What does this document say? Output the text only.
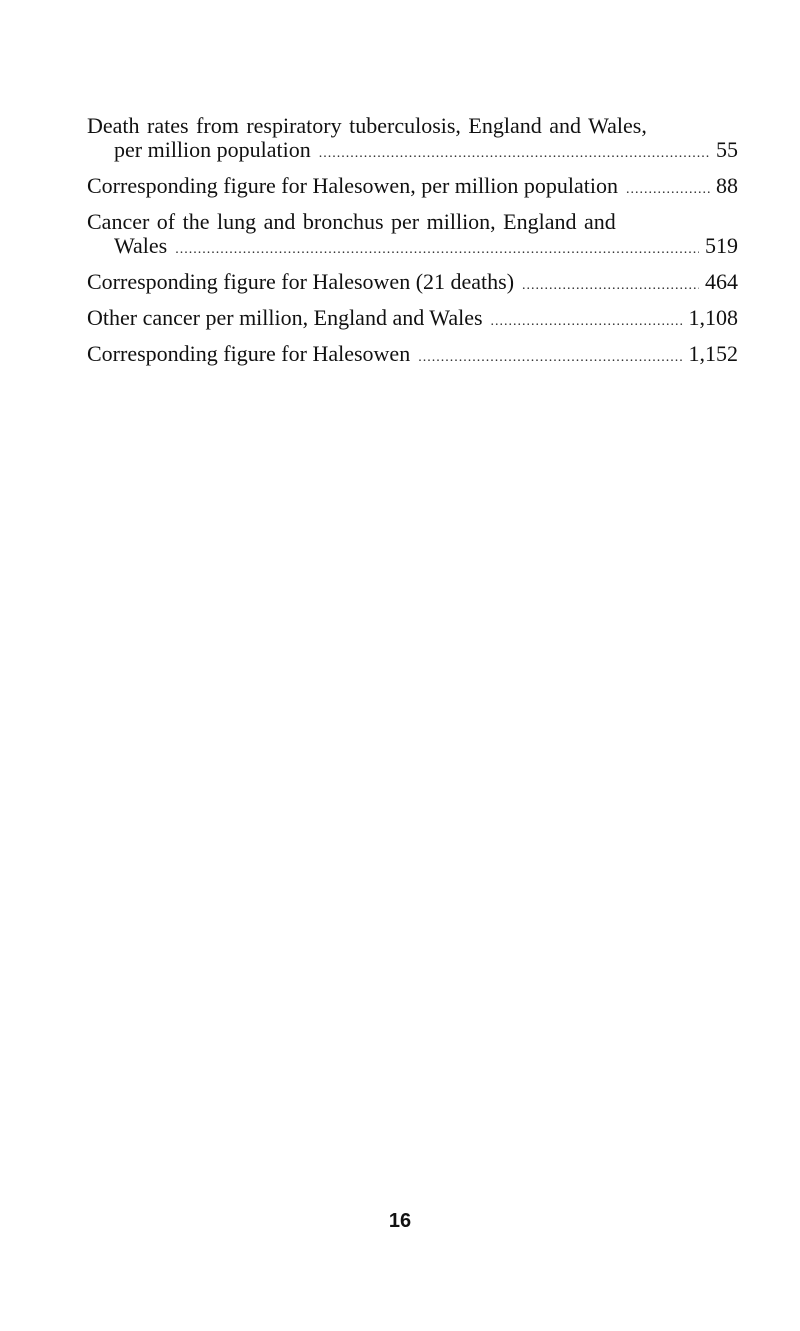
Death rates from respiratory tuberculosis, England and Wales,
per million population .....	55
Corresponding figure for Halesowen, per million population .....	88
Cancer of the lung and bronchus per million, England and
Wales .....	519
Corresponding figure for Halesowen (21 deaths) .....	464
Other cancer per million, England and Wales .....	1,108
Corresponding figure for Halesowen .....	1,152
16
